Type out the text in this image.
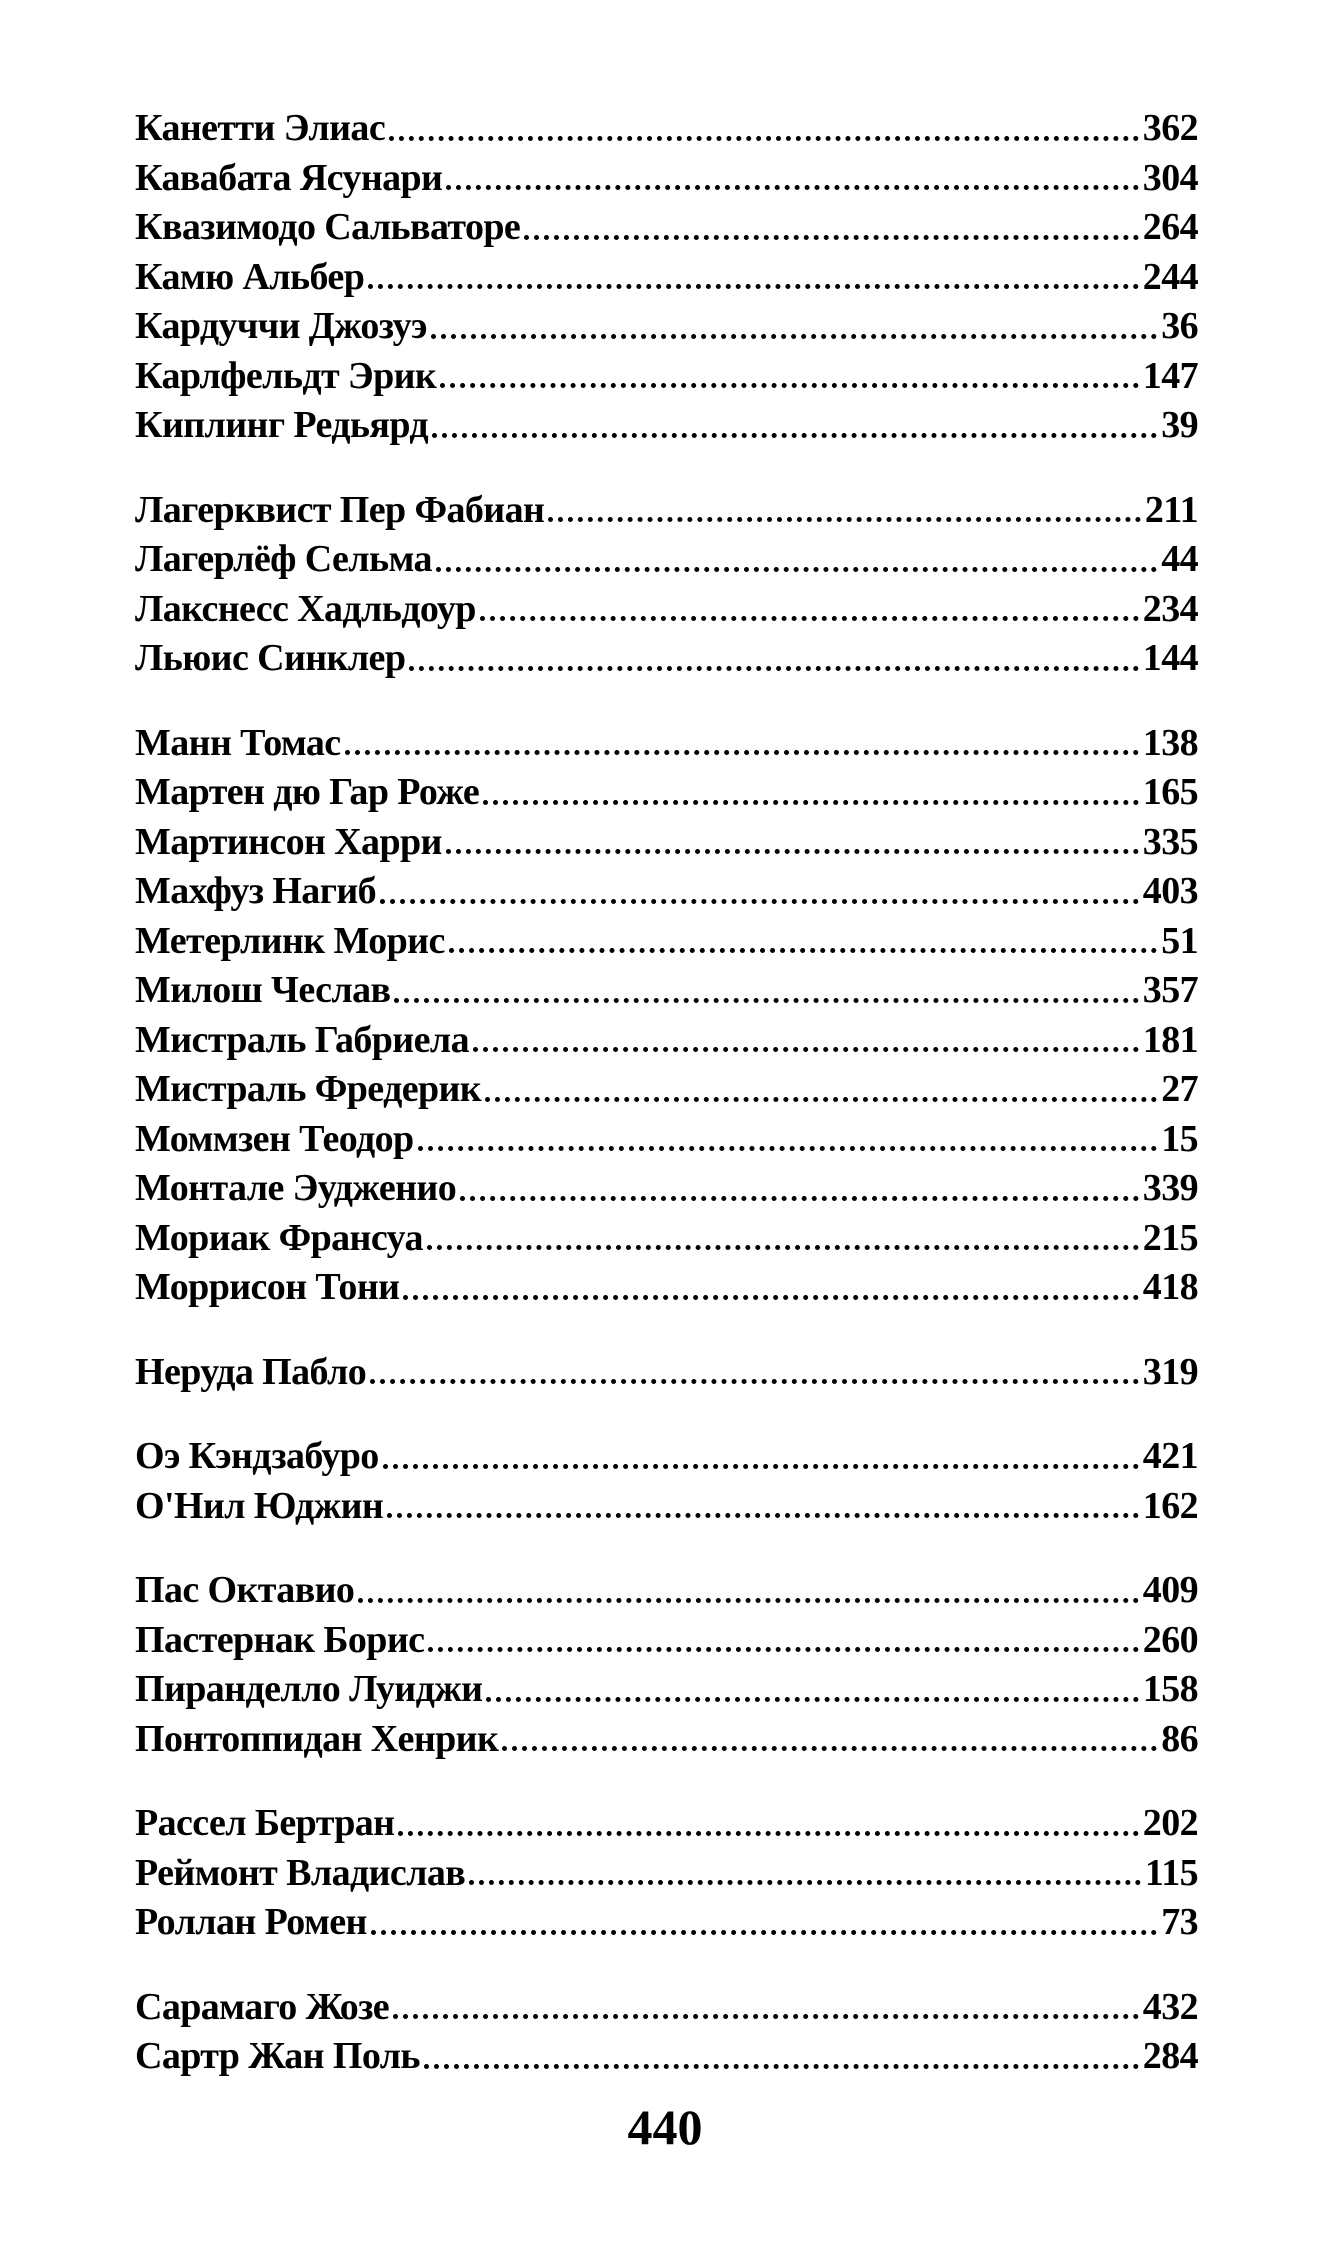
Канетти Элиас	362
Кавабата Ясунари	304
Квазимодо Сальваторе	264
Камю Альбер	244
Кардуччи Джозуэ	36
Карлфельдт Эрик	147
Киплинг Редьярд	39
Лагерквист Пер Фабиан	211
Лагерлёф Сельма	44
Лакснесс Хадльдоур	234
Льюис Синклер	144
Манн Томас	138
Мартен дю Гар Роже	165
Мартинсон Харри	335
Махфуз Нагиб	403
Метерлинк Морис	51
Милош Чеслав	357
Мистраль Габриела	181
Мистраль Фредерик	27
Моммзен Теодор	15
Монтале Эудженио	339
Мориак Франсуа	215
Моррисон Тони	418
Неруда Пабло	319
Оэ Кэндзабуро	421
О'Нил Юджин	162
Пас Октавио	409
Пастернак Борис	260
Пиранделло Луиджи	158
Понтоппидан Хенрик	86
Рассел Бертран	202
Реймонт Владислав	115
Роллан Ромен	73
Сарамаго Жозе	432
Сартр Жан Поль	284
440
